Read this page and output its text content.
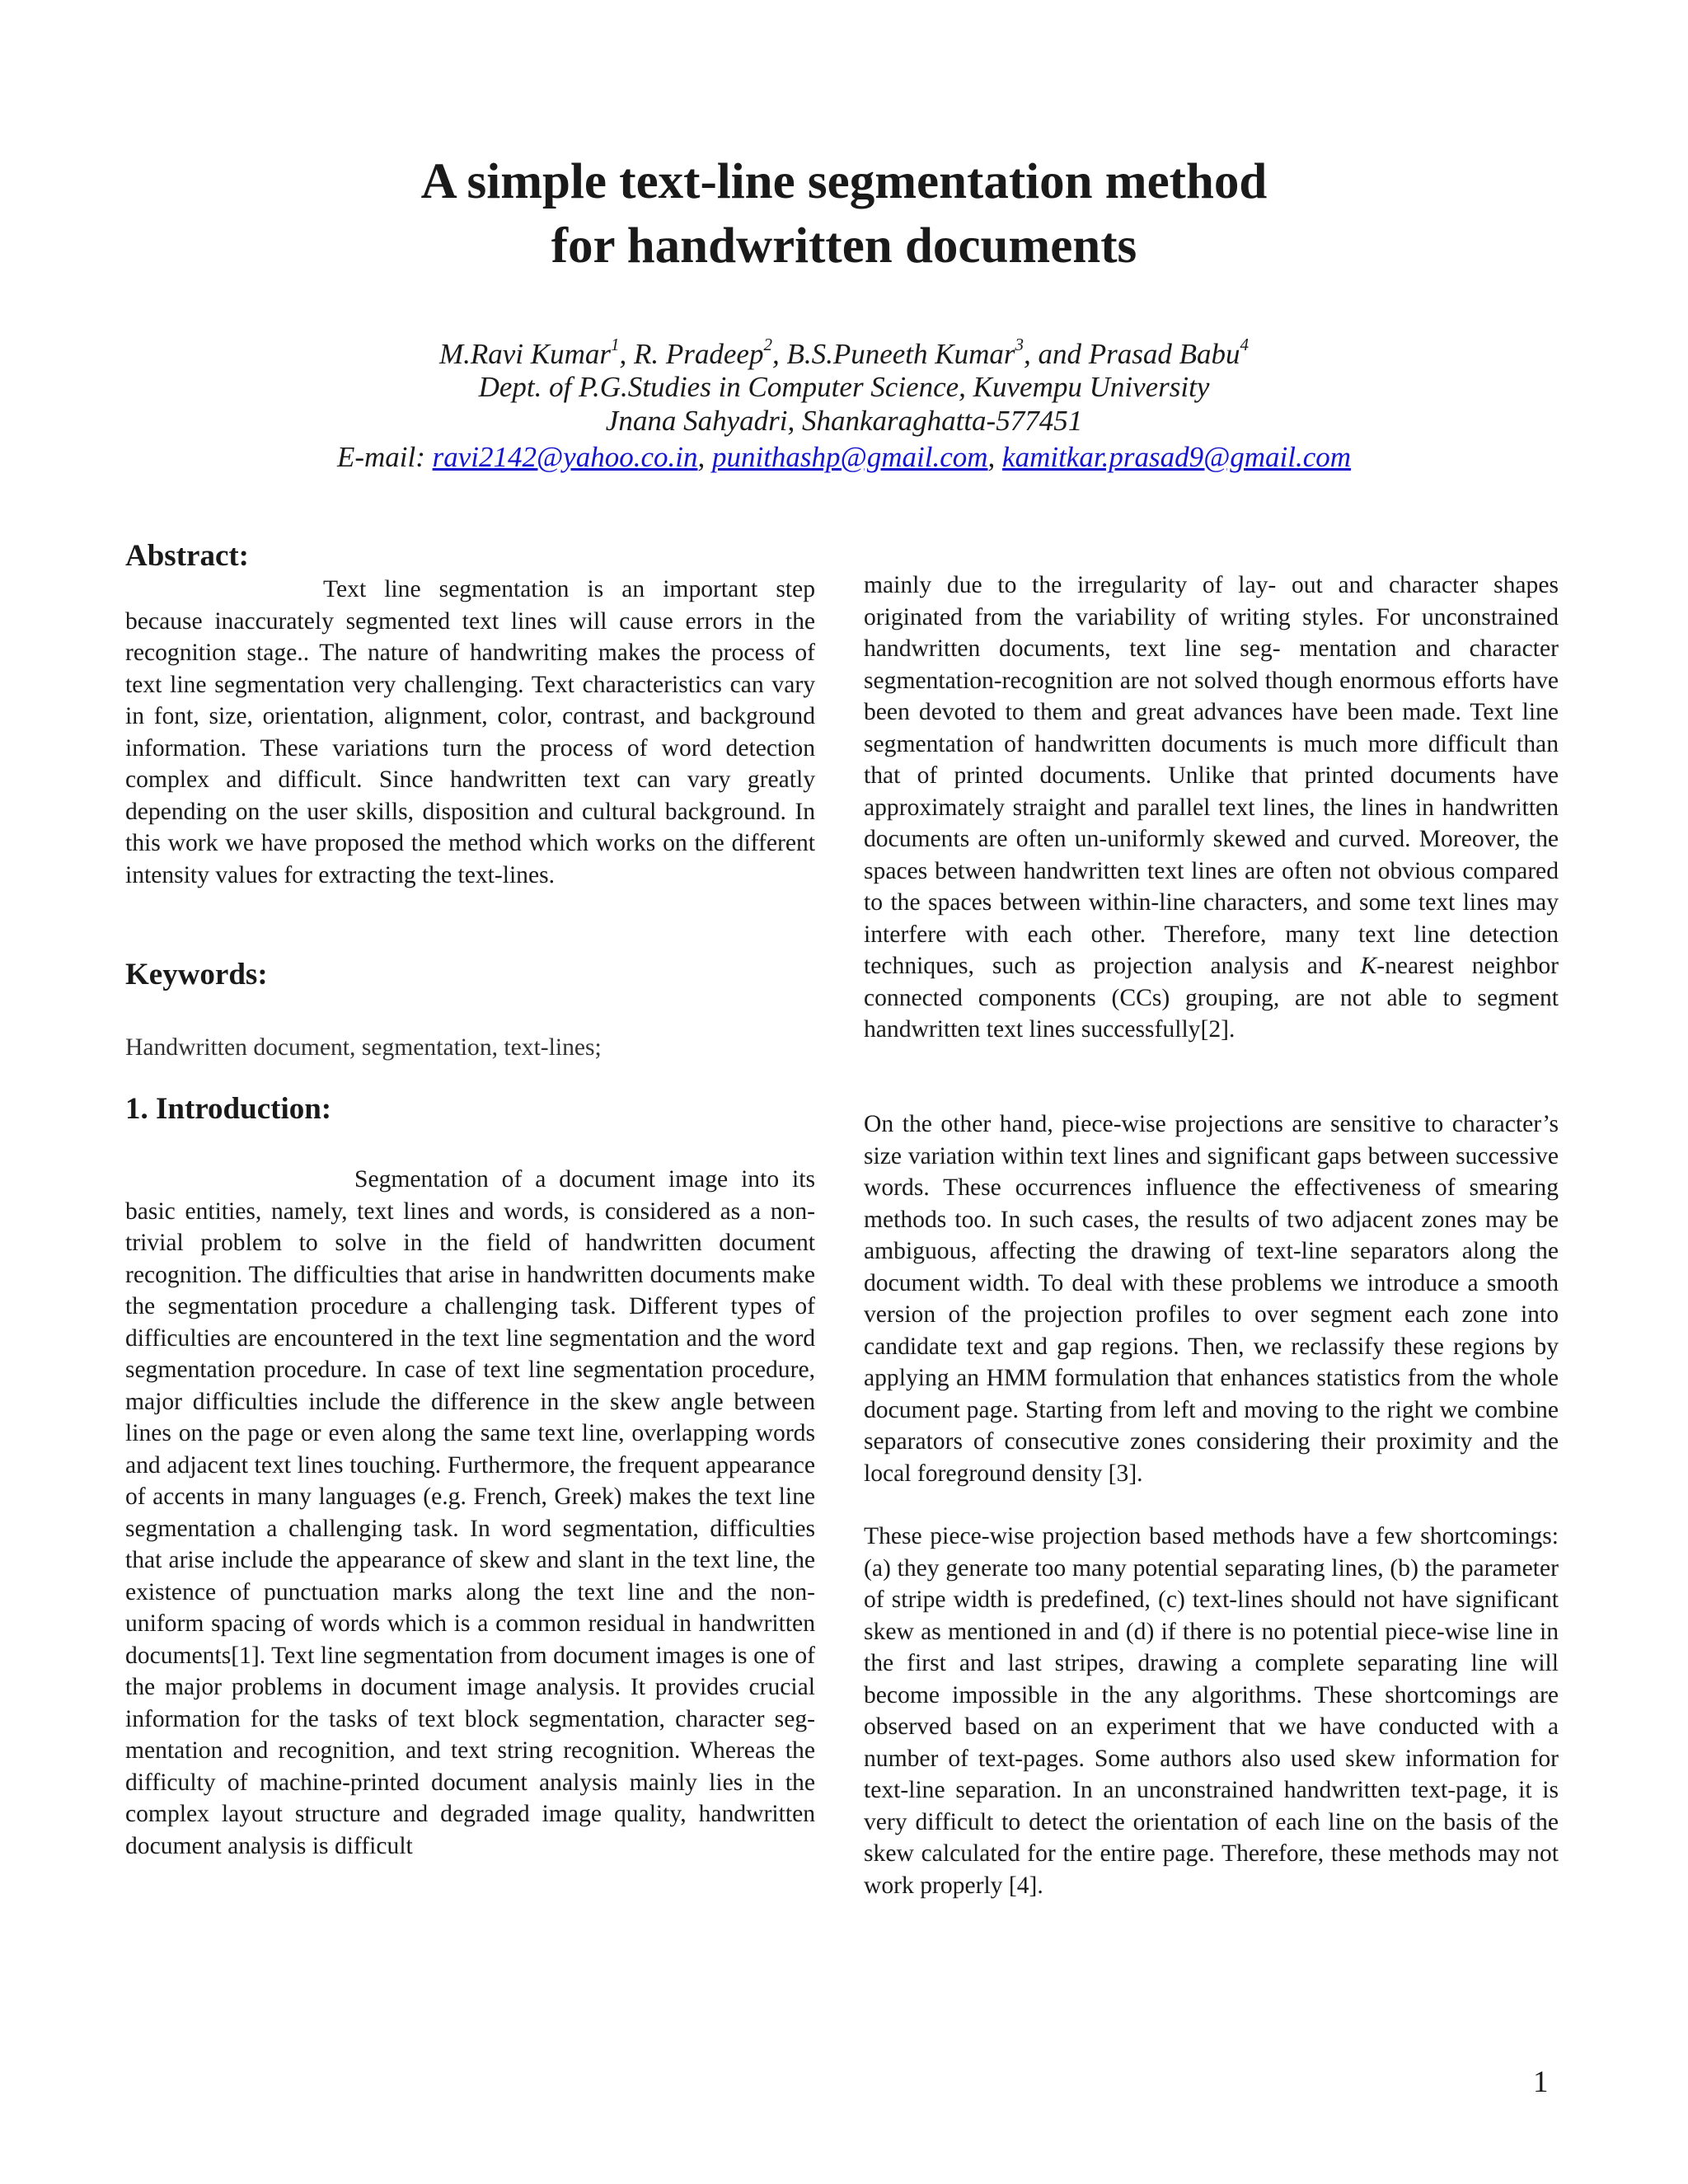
A simple text-line segmentation method
for handwritten documents
M.Ravi Kumar$^1$, R. Pradeep$^2$, B.S.Puneeth Kumar$^3$, and Prasad Babu$^4$
Dept. of P.G.Studies in Computer Science, Kuvempu University
Jnana Sahyadri, Shankaraghatta-577451
E-mail: ravi2142@yahoo.co.in, punithashp@gmail.com, kamitkar.prasad9@gmail.com
Abstract:

Text line segmentation is an important step because inaccurately segmented text lines will cause errors in the recognition stage.. The nature of handwriting makes the process of text line segmentation very challenging. Text characteristics can vary in font, size, orientation, alignment, color, contrast, and background information. These variations turn the process of word detection complex and difficult. Since handwritten text can vary greatly depending on the user skills, disposition and cultural background. In this work we have proposed the method which works on the different intensity values for extracting the text-lines.

Keywords:
Handwritten document, segmentation, text-lines;
1. Introduction:

Segmentation of a document image into its basic entities, namely, text lines and words, is considered as a non-trivial problem to solve in the field of handwritten document recognition. The difficulties that arise in handwritten documents make the segmentation procedure a challenging task. Different types of difficulties are encountered in the text line segmentation and the word segmentation procedure. In case of text line segmentation procedure, major difficulties include the difference in the skew angle between lines on the page or even along the same text line, overlapping words and adjacent text lines touching. Furthermore, the frequent appearance of accents in many languages (e.g. French, Greek) makes the text line segmentation a challenging task. In word segmentation, difficulties that arise include the appearance of skew and slant in the text line, the existence of punctuation marks along the text line and the non- uniform spacing of words which is a common residual in handwritten documents[1]. Text line segmentation from document images is one of the major problems in document image analysis. It provides crucial information for the tasks of text block segmentation, character seg-mentation and recognition, and text string recognition. Whereas the difficulty of machine-printed document analysis mainly lies in the complex layout structure and degraded image quality, handwritten document analysis is difficult

mainly due to the irregularity of lay- out and character shapes originated from the variability of writing styles. For unconstrained handwritten documents, text line seg- mentation and character segmentation-recognition are not solved though enormous efforts have been devoted to them and great advances have been made. Text line segmentation of handwritten documents is much more difficult than that of printed documents. Unlike that printed documents have approximately straight and parallel text lines, the lines in handwritten documents are often un-uniformly skewed and curved. Moreover, the spaces between handwritten text lines are often not obvious compared to the spaces between within-line characters, and some text lines may interfere with each other. Therefore, many text line detection techniques, such as projection analysis and K-nearest neighbor connected components (CCs) grouping, are not able to segment handwritten text lines successfully[2].

On the other hand, piece-wise projections are sensitive to character’s size variation within text lines and significant gaps between successive words. These occurrences influence the effectiveness of smearing methods too. In such cases, the results of two adjacent zones may be ambiguous, affecting the drawing of text-line separators along the document width. To deal with these problems we introduce a smooth version of the projection profiles to over segment each zone into candidate text and gap regions. Then, we reclassify these regions by applying an HMM formulation that enhances statistics from the whole document page. Starting from left and moving to the right we combine separators of consecutive zones considering their proximity and the local foreground density [3].

These piece-wise projection based methods have a few shortcomings: (a) they generate too many potential separating lines, (b) the parameter of stripe width is predefined, (c) text-lines should not have significant skew as mentioned in and (d) if there is no potential piece-wise line in the first and last stripes, drawing a complete separating line will become impossible in the any algorithms. These shortcomings are observed based on an experiment that we have conducted with a number of text-pages. Some authors also used skew information for text-line separation. In an unconstrained handwritten text-page, it is very difficult to detect the orientation of each line on the basis of the skew calculated for the entire page. Therefore, these methods may not work properly [4].

1
